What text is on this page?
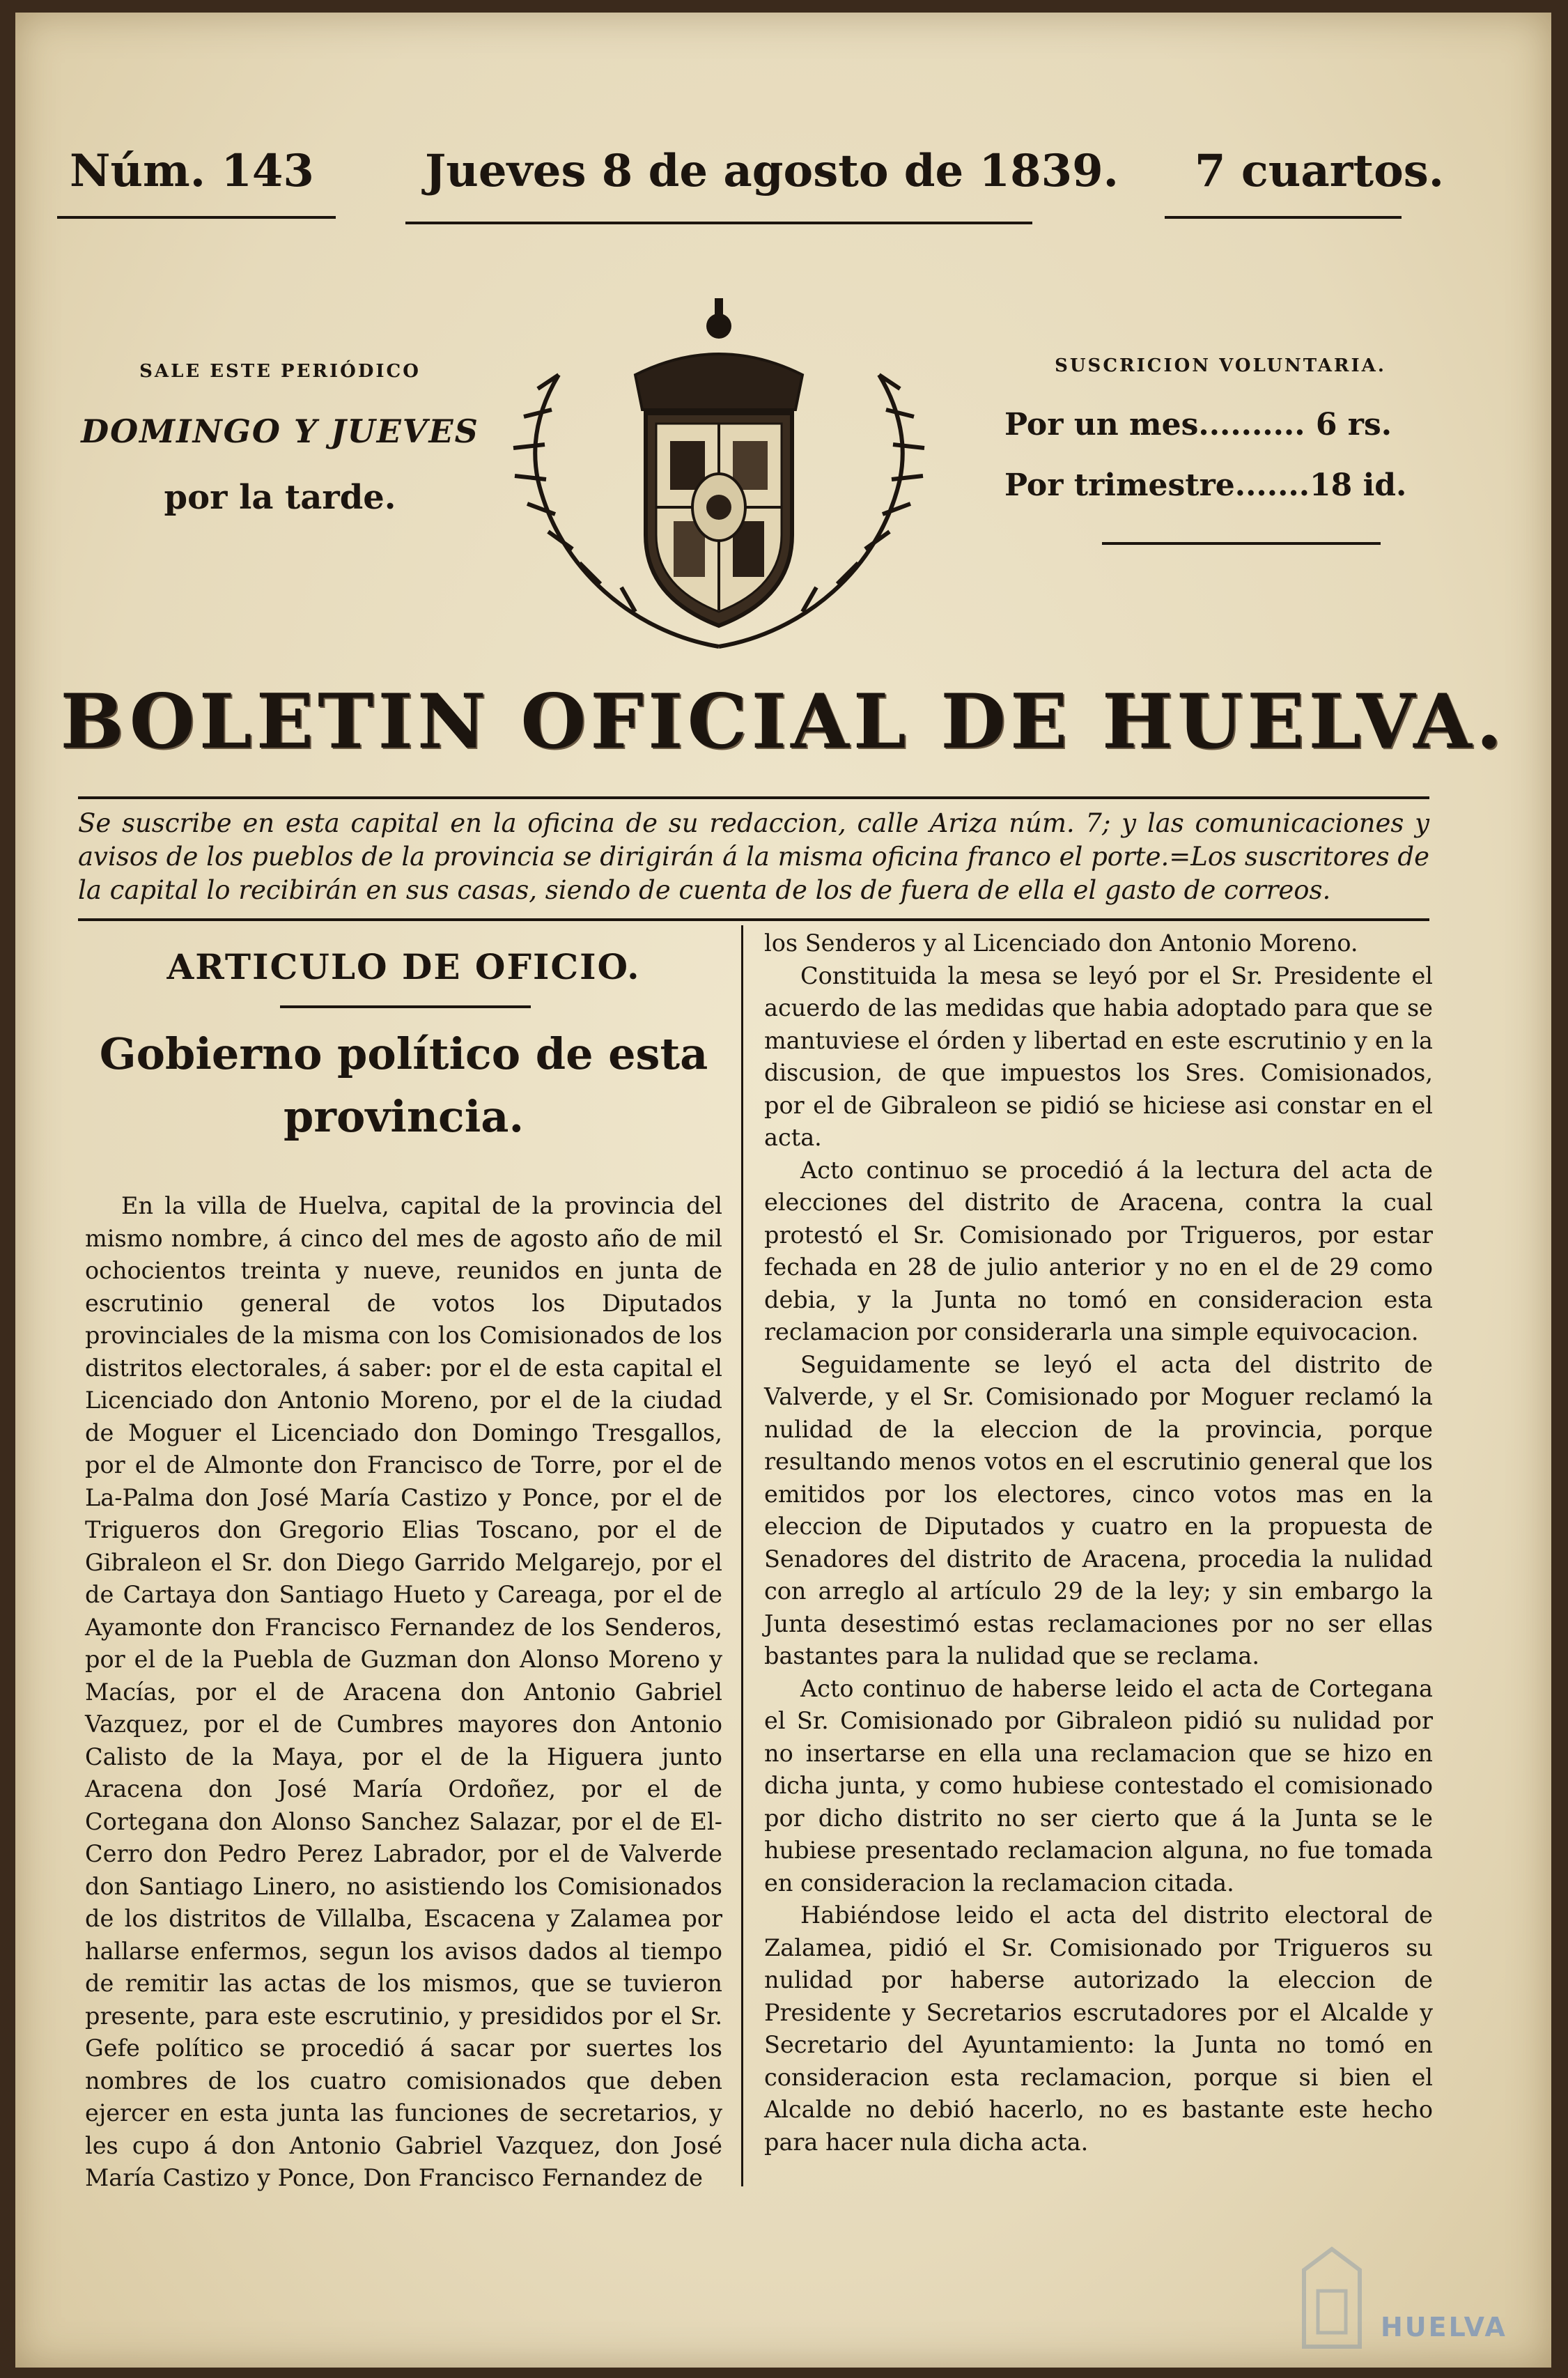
Núm. 143 Jueves 8 de agosto de 1839. 7 cuartos.
SALE ESTE PERIÓDICO
DOMINGO Y JUEVES
por la tarde.
SUSCRICION VOLUNTARIA.
Por un mes.......... 6 rs.
Por trimestre.......18 id.
BOLETIN OFICIAL DE HUELVA.
Se suscribe en esta capital en la oficina de su redaccion, calle Ariza núm. 7; y las comunicaciones y avisos de los pueblos de la provincia se dirigirán á la misma oficina franco el porte.=Los suscritores de la capital lo recibirán en sus casas, siendo de cuenta de los de fuera de ella el gasto de correos.
ARTICULO DE OFICIO.
Gobierno político de esta provincia.

En la villa de Huelva, capital de la provincia del mismo nombre, á cinco del mes de agosto año de mil ochocientos treinta y nueve, reunidos en junta de escrutinio general de votos los Diputados provinciales de la misma con los Comisionados de los distritos electorales, á saber: por el de esta capital el Licenciado don Antonio Moreno, por el de la ciudad de Moguer el Licenciado don Domingo Tresgallos, por el de Almonte don Francisco de Torre, por el de La-Palma don José María Castizo y Ponce, por el de Trigueros don Gregorio Elias Toscano, por el de Gibraleon el Sr. don Diego Garrido Melgarejo, por el de Cartaya don Santiago Hueto y Careaga, por el de Ayamonte don Francisco Fernandez de los Senderos, por el de la Puebla de Guzman don Alonso Moreno y Macías, por el de Aracena don Antonio Gabriel Vazquez, por el de Cumbres mayores don Antonio Calisto de la Maya, por el de la Higuera junto Aracena don José María Ordoñez, por el de Cortegana don Alonso Sanchez Salazar, por el de El-Cerro don Pedro Perez Labrador, por el de Valverde don Santiago Linero, no asistiendo los Comisionados de los distritos de Villalba, Escacena y Zalamea por hallarse enfermos, segun los avisos dados al tiempo de remitir las actas de los mismos, que se tuvieron presente, para este escrutinio, y presididos por el Sr. Gefe político se procedió á sacar por suertes los nombres de los cuatro comisionados que deben ejercer en esta junta las funciones de secretarios, y les cupo á don Antonio Gabriel Vazquez, don José María Castizo y Ponce, Don Francisco Fernandez de

los Senderos y al Licenciado don Antonio Moreno.

Constituida la mesa se leyó por el Sr. Presidente el acuerdo de las medidas que habia adoptado para que se mantuviese el órden y libertad en este escrutinio y en la discusion, de que impuestos los Sres. Comisionados, por el de Gibraleon se pidió se hiciese asi constar en el acta.

Acto continuo se procedió á la lectura del acta de elecciones del distrito de Aracena, contra la cual protestó el Sr. Comisionado por Trigueros, por estar fechada en 28 de julio anterior y no en el de 29 como debia, y la Junta no tomó en consideracion esta reclamacion por considerarla una simple equivocacion.

Seguidamente se leyó el acta del distrito de Valverde, y el Sr. Comisionado por Moguer reclamó la nulidad de la eleccion de la provincia, porque resultando menos votos en el escrutinio general que los emitidos por los electores, cinco votos mas en la eleccion de Diputados y cuatro en la propuesta de Senadores del distrito de Aracena, procedia la nulidad con arreglo al artículo 29 de la ley; y sin embargo la Junta desestimó estas reclamaciones por no ser ellas bastantes para la nulidad que se reclama.

Acto continuo de haberse leido el acta de Cortegana el Sr. Comisionado por Gibraleon pidió su nulidad por no insertarse en ella una reclamacion que se hizo en dicha junta, y como hubiese contestado el comisionado por dicho distrito no ser cierto que á la Junta se le hubiese presentado reclamacion alguna, no fue tomada en consideracion la reclamacion citada.

Habiéndose leido el acta del distrito electoral de Zalamea, pidió el Sr. Comisionado por Trigueros su nulidad por haberse autorizado la eleccion de Presidente y Secretarios escrutadores por el Alcalde y Secretario del Ayuntamiento: la Junta no tomó en consideracion esta reclamacion, porque si bien el Alcalde no debió hacerlo, no es bastante este hecho para hacer nula dicha acta.

HUELVA
